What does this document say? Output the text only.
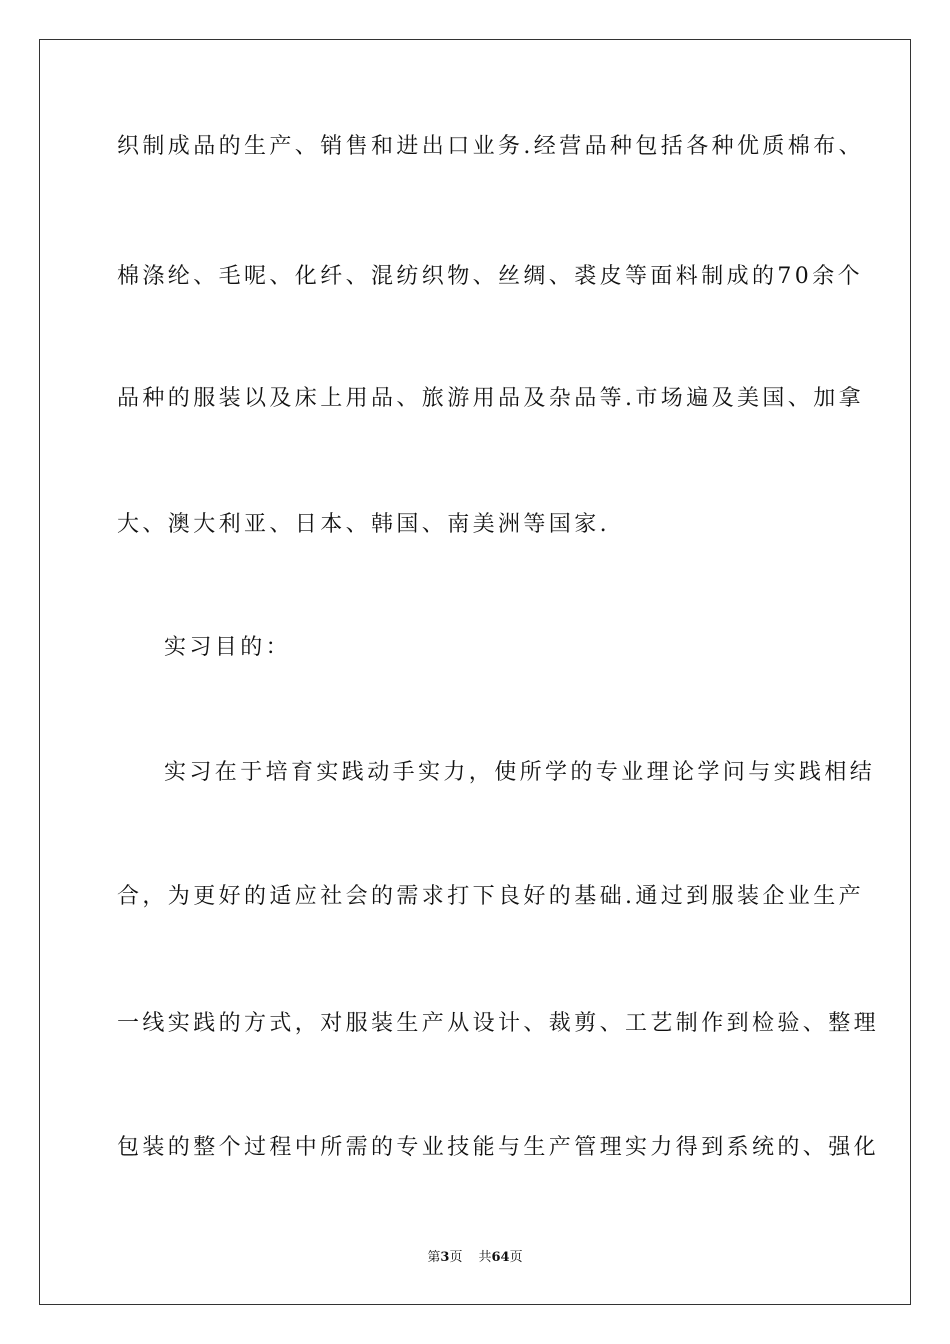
织制成品的生产、销售和进出口业务.经营品种包括各种优质棉布、
棉涤纶、毛呢、化纤、混纺织物、丝绸、裘皮等面料制成的70余个
品种的服装以及床上用品、旅游用品及杂品等.市场遍及美国、加拿
大、澳大利亚、日本、韩国、南美洲等国家.
实习目的：
实习在于培育实践动手实力，使所学的专业理论学问与实践相结
合，为更好的适应社会的需求打下良好的基础.通过到服装企业生产
一线实践的方式，对服装生产从设计、裁剪、工艺制作到检验、整理
包装的整个过程中所需的专业技能与生产管理实力得到系统的、强化
第3页 共64页
